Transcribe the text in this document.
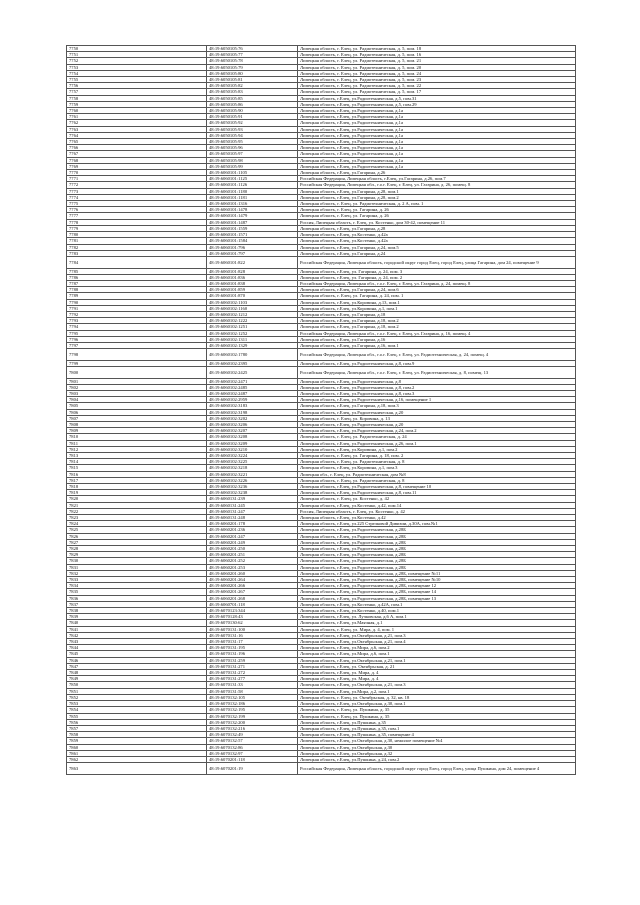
7750	48:19:6050105:76	Липецкая область, г. Елец, ул. Радиотехническая, д. 5, пом. 18
7751	48:19:6050105:77	Липецкая область, г. Елец, ул. Радиотехническая, д. 5, пом. 16
7752	48:19:6050105:78	Липецкая область, г. Елец, ул. Радиотехническая, д. 5, пом. 21
7753	48:19:6050105:79	Липецкая область, г. Елец, ул. Радиотехническая, д. 5, пом. 20
7754	48:19:6050105:80	Липецкая область, г. Елец, ул. Радиотехническая, д. 5, пом. 24
7755	48:19:6050105:81	Липецкая область, г. Елец, ул. Радиотехническая, д. 5, пом. 23
7756	48:19:6050105:82	Липецкая область, г. Елец, ул. Радиотехническая, д. 5, пом. 22
7757	48:19:6050105:83	Липецкая область, г. Елец, ул. Радиотехническая, д. 5, пом. 17
7758	48:19:6050105:85	Липецкая область, г.Елец, ул.Радиотехническая, д.5, пом.31
7759	48:19:6050105:86	Липецкая область, г.Елец, ул.Радиотехническая, д.5, пом.29
7760	48:19:6050105:90	Липецкая область, г.Елец, ул.Радиотехническая, д.1а
7761	48:19:6050105:91	Липецкая область, г.Елец, ул.Радиотехническая, д.1а
7762	48:19:6050105:92	Липецкая область, г.Елец, ул.Радиотехническая, д.1а
7763	48:19:6050105:93	Липецкая область, г.Елец, ул.Радиотехническая, д.1а
7764	48:19:6050105:94	Липецкая область, г.Елец, ул.Радиотехническая, д.1а
7765	48:19:6050105:95	Липецкая область, г.Елец, ул.Радиотехническая, д.1а
7766	48:19:6050105:96	Липецкая область, г.Елец, ул.Радиотехническая, д.1а
7767	48:19:6050105:97	Липецкая область, г.Елец, ул.Радиотехническая, д.1а
7768	48:19:6050105:98	Липецкая область, г.Елец, ул.Радиотехническая, д.1а
7769	48:19:6050105:99	Липецкая область, г.Елец, ул.Радиотехническая, д.1а
7770	48:19:6060101:1105	Липецкая область, г.Елец, ул.Гагарина, д.26
7771	48:19:6060101:1125	Российская Федерация, Липецкая область, г.Елец, ул.Гагарина, д.26, пом.7
7772	48:19:6060101:1126	Российская Федерация, Липецкая обл., г.о.г. Елец, г. Елец, ул. Гагарина, д. 26, помещ. 8
7773	48:19:6060101:1180	Липецкая область, г.Елец, ул.Гагарина, д.28, пом.1
7774	48:19:6060101:1181	Липецкая область, г.Елец, ул.Гагарина, д.28, пом.2
7775	48:19:6060101:1316	Липецкая область, г. Елец, ул. Радиотехническая, д. 2 А, пом. 1
7776	48:19:6060101:1478	Липецкая область, г. Елец, ул. Гагарина, д. 26
7777	48:19:6060101:1479	Липецкая область, г. Елец, ул. Гагарина, д. 26
7778	48:19:6060101:1487	Россия, Липецкая область, г. Елец, ул. Костенко, дом 30-42, помещение 11
7779	48:19:6060101:1559	Липецкая область, г.Елец, ул.Гагарина, д.28
7780	48:19:6060101:1571	Липецкая область, г.Елец, ул.Костенко, д.42а
7781	48:19:6060101:1584	Липецкая область, г.Елец, ул.Костенко, д.42а
7782	48:19:6060101:796	Липецкая область, г.Елец, ул.Гагарина, д.24, пом.5
7783	48:19:6060101:797	Липецкая область, г.Елец, ул.Гагарина, д.24
7784	48:19:6060101:822	Российская Федерация, Липецкая область, городской округ город Елец, город Елец, улица Гагарина, дом 24, помещение 9
7785	48:19:6060101:828	Липецкая область, г.Елец, ул. Гагарина, д. 24, пом. 3
7786	48:19:6060101:836	Липецкая область, г.Елец, ул. Гагарина, д. 24, пом. 2
7787	48:19:6060101:838	Российская Федерация, Липецкая обл., г.о.г. Елец, г. Елец, ул. Гагарина, д. 24, помещ. 8
7788	48:19:6060101:859	Липецкая область, г.Елец, ул.Гагарина, д.24, пом.6
7789	48:19:6060101:870	Липецкая область, г. Елец, ул. Гагарина, д. 24, пом. 1
7790	48:19:6060102:1103	Липецкая область, г.Елец, ул.Коровина, д.13, пом.1
7791	48:19:6060102:1160	Липецкая область, г.Елец, ул.Коровина, д.1, пом.1
7792	48:19:6060102:1212	Липецкая область, г.Елец, ул.Гагарина, д.18
7793	48:19:6060102:1222	Липецкая область, г.Елец, ул.Гагарина, д.18, пом.2
7794	48:19:6060102:1251	Липецкая область, г.Елец, ул.Гагарина, д.18, пом.2
7795	48:19:6060102:1252	Российская Федерация, Липецкая обл., г.о.г. Елец, г. Елец, ул. Гагарина, д. 16, помещ. 4
7796	48:19:6060102:1311	Липецкая область, г.Елец, ул.Гагарина, д.16
7797	48:19:6060102:1329	Липецкая область, г.Елец, ул.Гагарина, д.16, пом.1
7798	48:19:6060102:1780	Российская Федерация, Липецкая обл., г.о.г. Елец, г. Елец, ул. Радиотехническая, д. 24, помещ. 4
7799	48:19:6060102:2395	Липецкая область, г.Елец, ул.Радиотехническая, д.8, пом.9
7800	48:19:6060102:2425	Российская Федерация, Липецкая обл., г.о.г. Елец, г. Елец, ул. Радиотехническая, д. 8, помещ. 13
7801	48:19:6060102:2471	Липецкая область, г.Елец, ул.Радиотехническая, д.8
7802	48:19:6060102:2485	Липецкая область, г.Елец, ул.Радиотехническая, д.8, пом.2
7803	48:19:6060102:2487	Липецкая область, г.Елец, ул.Радиотехническая, д.8, пом.3
7804	48:19:6060102:2959	Липецкая область, г.Елец, ул.Радиотехническая, д.16, помещение 1
7805	48:19:6060102:3183	Липецкая область, г.Елец, ул.Гагарина, д.18, пом.3
7806	48:19:6060102:3198	Липецкая область, г.Елец, ул.Радиотехническая, д.20
7807	48:19:6060102:3202	Липецкая область, г. Елец, ул. Коровина, д. 13
7808	48:19:6060102:3206	Липецкая область, г.Елец, ул.Радиотехническая, д.20
7809	48:19:6060102:3207	Липецкая область, г.Елец, ул.Радиотехническая, д.24, пом.2
7810	48:19:6060102:3208	Липецкая область, г. Елец, ул. Радиотехническая, д. 24
7811	48:19:6060102:3209	Липецкая область, г.Елец, ул.Радиотехническая, д.26, пом.1
7812	48:19:6060102:3210	Липецкая область, г.Елец, ул.Коровина, д.1, пом.2
7813	48:19:6060102:3224	Липецкая область, г. Елец, ул. Гагарина, д. 18, пом. 2
7814	48:19:6060102:3225	Липецкая область, г. Елец, ул. Радиотехническая, д. 8
7815	48:19:6060102:3218	Липецкая область, г.Елец, ул.Коровина, д.1, пом.3
7816	48:19:6060102:3221	Липецкая обл., г. Елец, ул. Радиотехническая, дом №8
7817	48:19:6060102:3226	Липецкая область, г. Елец, ул. Радиотехническая, д. 8
7818	48:19:6060102:3236	Липецкая область, г.Елец, ул.Радиотехническая, д.8, помещение 10
7819	48:19:6060102:3238	Липецкая область, г.Елец, ул.Радиотехническая, д.8, пом.11
7820	48:19:6060131:239	Липецкая область, г. Елец, ул. Костенко, д. 42
7821	48:19:6060131:245	Липецкая область, г.Елец, ул.Костенко, д.42, пом.14
7822	48:19:6060131:247	Россия, Липецкая область, г. Елец, ул. Костенко, д. 42
7823	48:19:6060131:248	Липецкая область, г.Елец, ул.Костенко, д.42
7824	48:19:6060201:178	Липецкая область, г.Елец, ул.225 Стрелковой Дивизии, д.30А, пом.№1
7825	48:19:6060201:236	Липецкая область, г.Елец, ул.Радиотехническая, д.28Б
7826	48:19:6060201:247	Липецкая область, г.Елец, ул.Радиотехническая, д.28Б
7827	48:19:6060201:249	Липецкая область, г.Елец, ул.Радиотехническая, д.28Б
7828	48:19:6060201:250	Липецкая область, г.Елец, ул.Радиотехническая, д.28Б
7829	48:19:6060201:251	Липецкая область, г.Елец, ул.Радиотехническая, д.28Б
7830	48:19:6060201:252	Липецкая область, г.Елец, ул.Радиотехническая, д.28Б
7831	48:19:6060201:253	Липецкая область, г.Елец, ул.Радиотехническая, д.28Б
7832	48:19:6060201:260	Липецкая область, г.Елец, ул.Радиотехническая, д.28Б, помещение №11
7833	48:19:6060201:264	Липецкая область, г.Елец, ул.Радиотехническая, д.28Б, помещение №10
7834	48:19:6060201:266	Липецкая область, г.Елец, ул.Радиотехническая, д.28Б, помещение 12
7835	48:19:6060201:267	Липецкая область, г.Елец, ул.Радиотехническая, д.28Б, помещение 14
7836	48:19:6060201:268	Липецкая область, г.Елец, ул.Радиотехническая, д.28Б, помещение 13
7837	48:19:6060701:118	Липецкая область, г.Елец, ул.Костенко, д.42А, пом.1
7838	48:19:6070123:344	Липецкая область, г.Елец, ул.Костенко, д.40, пом.1
7839	48:19:6070128:43	Липецкая область, г.Елец, ул. Лучковская, д.6 А, пом.1
7840	48:19:6070130:62	Липецкая область, г.Елец, ул.Маячная, д.1
7841	48:19:6070131:100	Липецкая область, г. Елец, ул. Мира, д. 4, пом. 1
7842	48:19:6070131:16	Липецкая область, г.Елец, ул.Октябрьская, д.21, пом.3
7843	48:19:6070131:17	Липецкая область, г.Елец, ул.Октябрьская, д.21, пом.4
7844	48:19:6070131:195	Липецкая область, г.Елец, ул.Мира, д.6, пом.2
7845	48:19:6070131:196	Липецкая область, г.Елец, ул.Мира, д.6, пом.1
7846	48:19:6070131:259	Липецкая область, г.Елец, ул.Октябрьская, д.21, пом.1
7847	48:19:6070131:271	Липецкая область, г.Елец, ул. Октябрьская, д. 21
7848	48:19:6070131:272	Липецкая область, г.Елец, ул. Мира, д. 4
7849	48:19:6070131:277	Липецкая область, г.Елец, ул. Мира, д. 4
7850	48:19:6070131:33	Липецкая область, г.Елец, ул.Октябрьская, д.21, пом.3
7851	48:19:6070131:58	Липецкая область, г.Елец, ул.Мира, д.2, пом.1
7852	48:19:6070132:105	Липецкая область, г. Елец, ул. Октябрьская, д. 32, кв. 18
7853	48:19:6070132:186	Липецкая область, г.Елец, ул.Октябрьская, д.30, пом.1
7854	48:19:6070132:195	Липецкая область, г. Елец, ул. Пушкина, д. 35
7855	48:19:6070132:199	Липецкая область, г. Елец, ул. Пушкина, д. 35
7856	48:19:6070132:200	Липецкая область, г.Елец, ул.Пушкина, д.35
7857	48:19:6070132:216	Липецкая область, г.Елец, ул.Пушкина, д.35, пом.1
7858	48:19:6070132:49	Липецкая область, г.Елец, ул.Пушкина, д.35, помещение 4
7859	48:19:6070132:57	Липецкая область, г.Елец, ул.Октябрьская, д.30, нежилое помещение №4
7860	48:19:6070132:86	Липецкая область, г.Елец, ул.Октябрьская, д.30
7861	48:19:6070132:97	Липецкая область, г.Елец, ул.Октябрьская, д.32
7862	48:19:6070201:118	Липецкая область, г.Елец, ул.Пушкина, д.24, пом.2
7863	48:19:6070201:19	Российская Федерация, Липецкая область, городской округ город Елец, город Елец, улица Пушкина, дом 24, помещение 4
